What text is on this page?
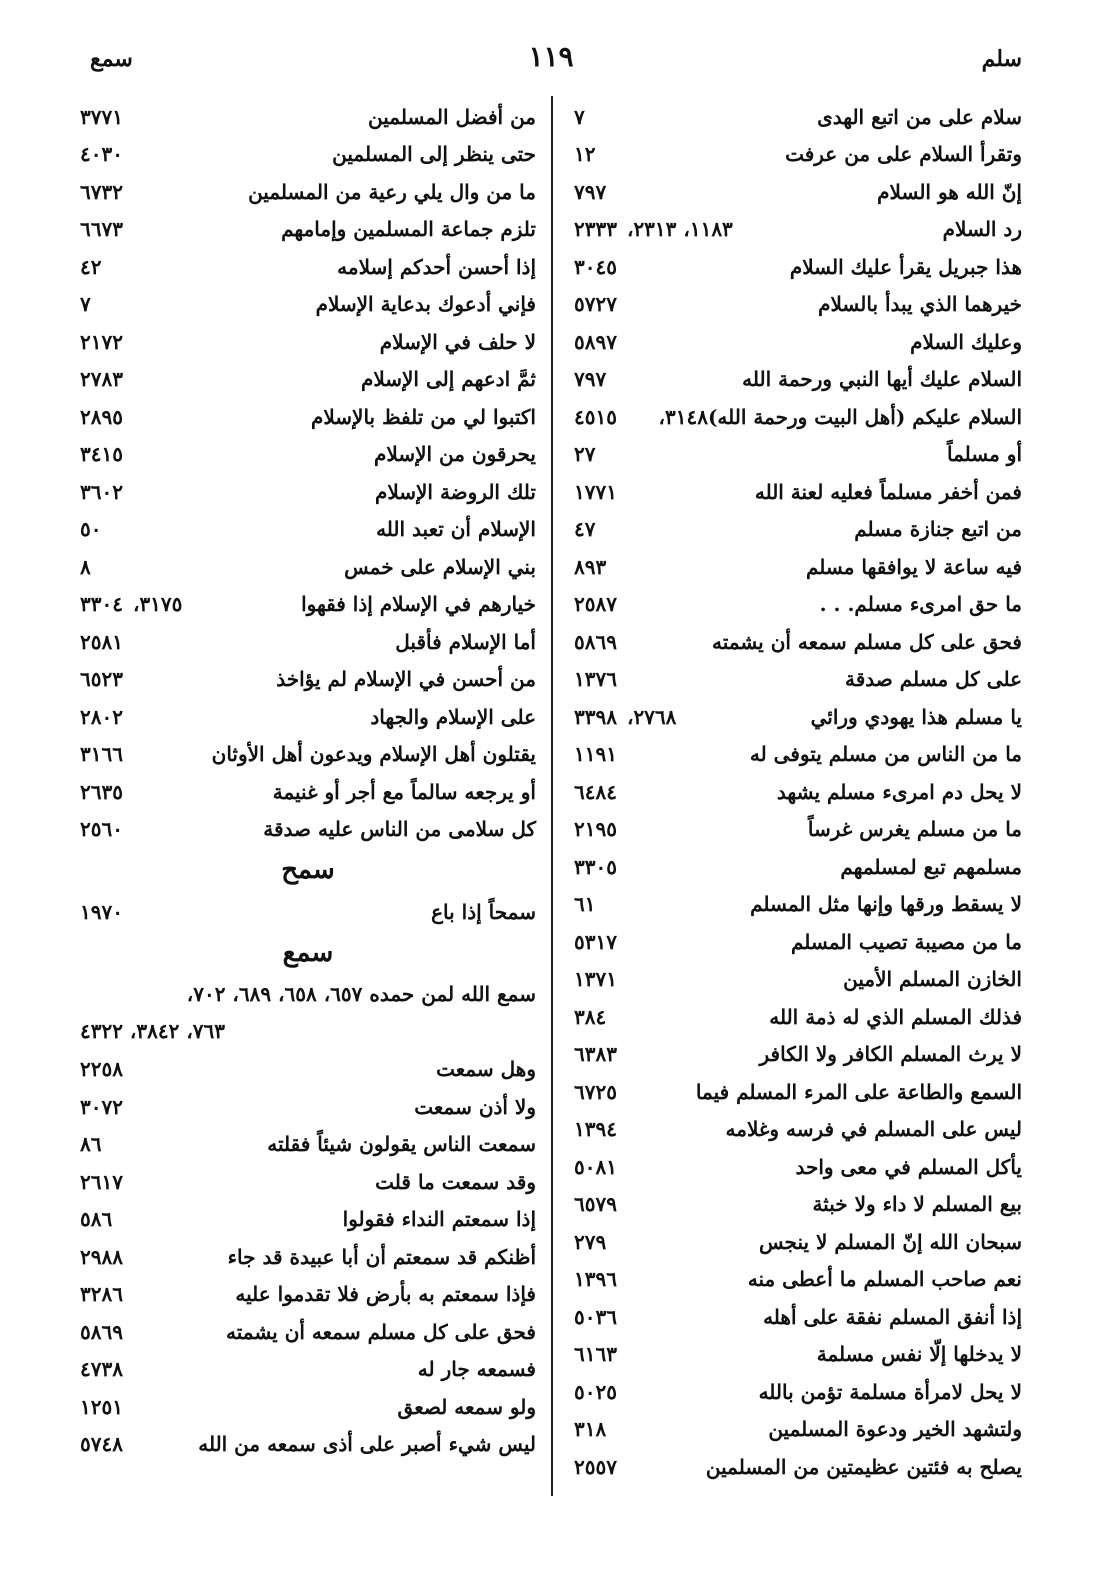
سلم
١١٩
سمع
سلام على من اتبع الهدى
٧
وتقرأ السلام على من عرفت
١٢
إنّ الله هو السلام
٧٩٧
رد السلام
١١٨٣، ٢٣١٣،
٢٣٣٣
هذا جبريل يقرأ عليك السلام
٣٠٤٥
خيرهما الذي يبدأ بالسلام
٥٧٢٧
وعليك السلام
٥٨٩٧
السلام عليك أيها النبي ورحمة الله
٧٩٧
السلام عليكم (أهل البيت ورحمة الله)٣١٤٨،
٤٥١٥
أو مسلماً
٢٧
فمن أخفر مسلماً فعليه لعنة الله
١٧٧١
من اتبع جنازة مسلم
٤٧
فيه ساعة لا يوافقها مسلم
٨٩٣
ما حق امرىء مسلم. . .
٢٥٨٧
فحق على كل مسلم سمعه أن يشمته
٥٨٦٩
على كل مسلم صدقة
١٣٧٦
يا مسلم هذا يهودي ورائي
٢٧٦٨،
٣٣٩٨
ما من الناس من مسلم يتوفى له
١١٩١
لا يحل دم امرىء مسلم يشهد
٦٤٨٤
ما من مسلم يغرس غرساً
٢١٩٥
مسلمهم تبع لمسلمهم
٣٣٠٥
لا يسقط ورقها وإنها مثل المسلم
٦١
ما من مصيبة تصيب المسلم
٥٣١٧
الخازن المسلم الأمين
١٣٧١
فذلك المسلم الذي له ذمة الله
٣٨٤
لا يرث المسلم الكافر ولا الكافر
٦٣٨٣
السمع والطاعة على المرء المسلم فيما
٦٧٢٥
ليس على المسلم في فرسه وغلامه
١٣٩٤
يأكل المسلم في معى واحد
٥٠٨١
بيع المسلم لا داء ولا خبثة
٦٥٧٩
سبحان الله إنّ المسلم لا ينجس
٢٧٩
نعم صاحب المسلم ما أعطى منه
١٣٩٦
إذا أنفق المسلم نفقة على أهله
٥٠٣٦
لا يدخلها إلّا نفس مسلمة
٦١٦٣
لا يحل لامرأة مسلمة تؤمن بالله
٥٠٢٥
ولتشهد الخير ودعوة المسلمين
٣١٨
يصلح به فئتين عظيمتين من المسلمين
٢٥٥٧
من أفضل المسلمين
٣٧٧١
حتى ينظر إلى المسلمين
٤٠٣٠
ما من وال يلي رعية من المسلمين
٦٧٣٢
تلزم جماعة المسلمين وإمامهم
٦٦٧٣
إذا أحسن أحدكم إسلامه
٤٢
فإني أدعوك بدعاية الإسلام
٧
لا حلف في الإسلام
٢١٧٢
ثمَّ ادعهم إلى الإسلام
٢٧٨٣
اكتبوا لي من تلفظ بالإسلام
٢٨٩٥
يحرقون من الإسلام
٣٤١٥
تلك الروضة الإسلام
٣٦٠٢
الإسلام أن تعبد الله
٥٠
بني الإسلام على خمس
٨
خيارهم في الإسلام إذا فقهوا
٣١٧٥،
٣٣٠٤
أما الإسلام فأقبل
٢٥٨١
من أحسن في الإسلام لم يؤاخذ
٦٥٢٣
على الإسلام والجهاد
٢٨٠٢
يقتلون أهل الإسلام ويدعون أهل الأوثان
٣١٦٦
أو يرجعه سالماً مع أجر أو غنيمة
٢٦٣٥
كل سلامى من الناس عليه صدقة
٢٥٦٠
سمح
سمحاً إذا باع
١٩٧٠
سمع
سمع الله لمن حمده ٦٥٧، ٦٥٨، ٦٨٩، ٧٠٢،
٧٦٣، ٣٨٤٢، ٤٣٢٢
وهل سمعت
٢٢٥٨
ولا أذن سمعت
٣٠٧٢
سمعت الناس يقولون شيئاً فقلته
٨٦
وقد سمعت ما قلت
٢٦١٧
إذا سمعتم النداء فقولوا
٥٨٦
أظنكم قد سمعتم أن أبا عبيدة قد جاء
٢٩٨٨
فإذا سمعتم به بأرض فلا تقدموا عليه
٣٢٨٦
فحق على كل مسلم سمعه أن يشمته
٥٨٦٩
فسمعه جار له
٤٧٣٨
ولو سمعه لصعق
١٢٥١
ليس شيء أصبر على أذى سمعه من الله
٥٧٤٨
